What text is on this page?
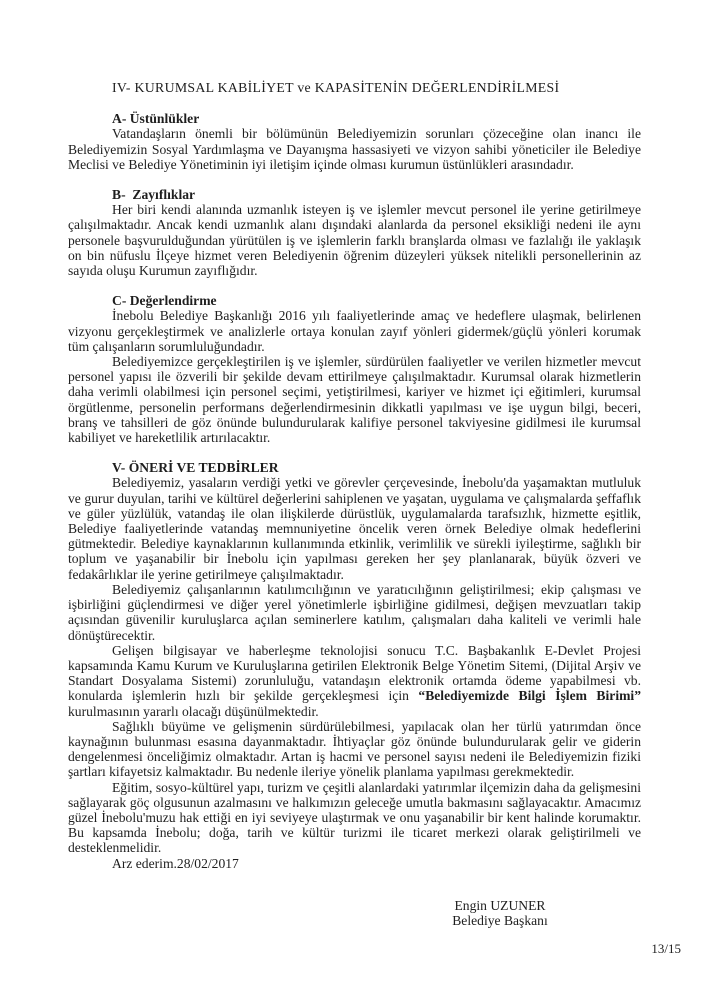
IV- KURUMSAL KABİLİYET ve KAPASİTENİN DEĞERLENDİRİLMESİ
A- Üstünlükler

Vatandaşların önemli bir bölümünün Belediyemizin sorunları çözeceğine olan inancı ile Belediyemizin Sosyal Yardımlaşma ve Dayanışma hassasiyeti ve vizyon sahibi yöneticiler ile Belediye Meclisi ve Belediye Yönetiminin iyi iletişim içinde olması kurumun üstünlükleri arasındadır.

B-  Zayıflıklar

Her biri kendi alanında uzmanlık isteyen iş ve işlemler mevcut personel ile yerine getirilmeye çalışılmaktadır. Ancak kendi uzmanlık alanı dışındaki alanlarda da personel eksikliği nedeni ile aynı personele başvurulduğundan yürütülen iş ve işlemlerin farklı branşlarda olması ve fazlalığı ile yaklaşık on bin nüfuslu İlçeye hizmet veren Belediyenin öğrenim düzeyleri yüksek nitelikli personellerinin az sayıda oluşu Kurumun zayıflığıdır.

C- Değerlendirme

İnebolu Belediye Başkanlığı 2016 yılı faaliyetlerinde amaç ve hedeflere ulaşmak, belirlenen vizyonu gerçekleştirmek ve analizlerle ortaya konulan zayıf yönleri gidermek/güçlü yönleri korumak tüm çalışanların sorumluluğundadır.

Belediyemizce gerçekleştirilen iş ve işlemler, sürdürülen faaliyetler ve verilen hizmetler mevcut personel yapısı ile özverili bir şekilde devam ettirilmeye çalışılmaktadır. Kurumsal olarak hizmetlerin daha verimli olabilmesi için personel seçimi, yetiştirilmesi, kariyer ve hizmet içi eğitimleri, kurumsal örgütlenme, personelin performans değerlendirmesinin dikkatli yapılması ve işe uygun bilgi, beceri, branş ve tahsilleri de göz önünde bulundurularak kalifiye personel takviyesine gidilmesi ile kurumsal kabiliyet ve hareketlilik artırılacaktır.

V- ÖNERİ VE TEDBİRLER

Belediyemiz, yasaların verdiği yetki ve görevler çerçevesinde, İnebolu'da yaşamaktan mutluluk ve gurur duyulan, tarihi ve kültürel değerlerini sahiplenen ve yaşatan, uygulama ve çalışmalarda şeffaflık ve güler yüzlülük, vatandaş ile olan ilişkilerde dürüstlük, uygulamalarda tarafsızlık, hizmette eşitlik, Belediye faaliyetlerinde vatandaş memnuniyetine öncelik veren örnek Belediye olmak hedeflerini gütmektedir. Belediye kaynaklarının kullanımında etkinlik, verimlilik ve sürekli iyileştirme, sağlıklı bir toplum ve yaşanabilir bir İnebolu için yapılması gereken her şey planlanarak, büyük özveri ve fedakârlıklar ile yerine getirilmeye çalışılmaktadır.

Belediyemiz çalışanlarının katılımcılığının ve yaratıcılığının geliştirilmesi; ekip çalışması ve işbirliğini güçlendirmesi ve diğer yerel yönetimlerle işbirliğine gidilmesi, değişen mevzuatları takip açısından güvenilir kuruluşlarca açılan seminerlere katılım, çalışmaları daha kaliteli ve verimli hale dönüştürecektir.

Gelişen bilgisayar ve haberleşme teknolojisi sonucu T.C. Başbakanlık E-Devlet Projesi kapsamında Kamu Kurum ve Kuruluşlarına getirilen Elektronik Belge Yönetim Sitemi, (Dijital Arşiv ve Standart Dosyalama Sistemi) zorunluluğu, vatandaşın elektronik ortamda ödeme yapabilmesi vb. konularda işlemlerin hızlı bir şekilde gerçekleşmesi için “Belediyemizde Bilgi İşlem Birimi” kurulmasının yararlı olacağı düşünülmektedir.

Sağlıklı büyüme ve gelişmenin sürdürülebilmesi, yapılacak olan her türlü yatırımdan önce kaynağının bulunması esasına dayanmaktadır. İhtiyaçlar göz önünde bulundurularak gelir ve giderin dengelenmesi önceliğimiz olmaktadır. Artan iş hacmi ve personel sayısı nedeni ile Belediyemizin fiziki şartları kifayetsiz kalmaktadır. Bu nedenle ileriye yönelik planlama yapılması gerekmektedir.

Eğitim, sosyo-kültürel yapı, turizm ve çeşitli alanlardaki yatırımlar ilçemizin daha da gelişmesini sağlayarak göç olgusunun azalmasını ve halkımızın geleceğe umutla bakmasını sağlayacaktır. Amacımız güzel İnebolu'muzu hak ettiği en iyi seviyeye ulaştırmak ve onu yaşanabilir bir kent halinde korumaktır. Bu kapsamda İnebolu; doğa, tarih ve kültür turizmi ile ticaret merkezi olarak geliştirilmeli ve desteklenmelidir.

Arz ederim.28/02/2017

Engin UZUNER
Belediye Başkanı
13/15
